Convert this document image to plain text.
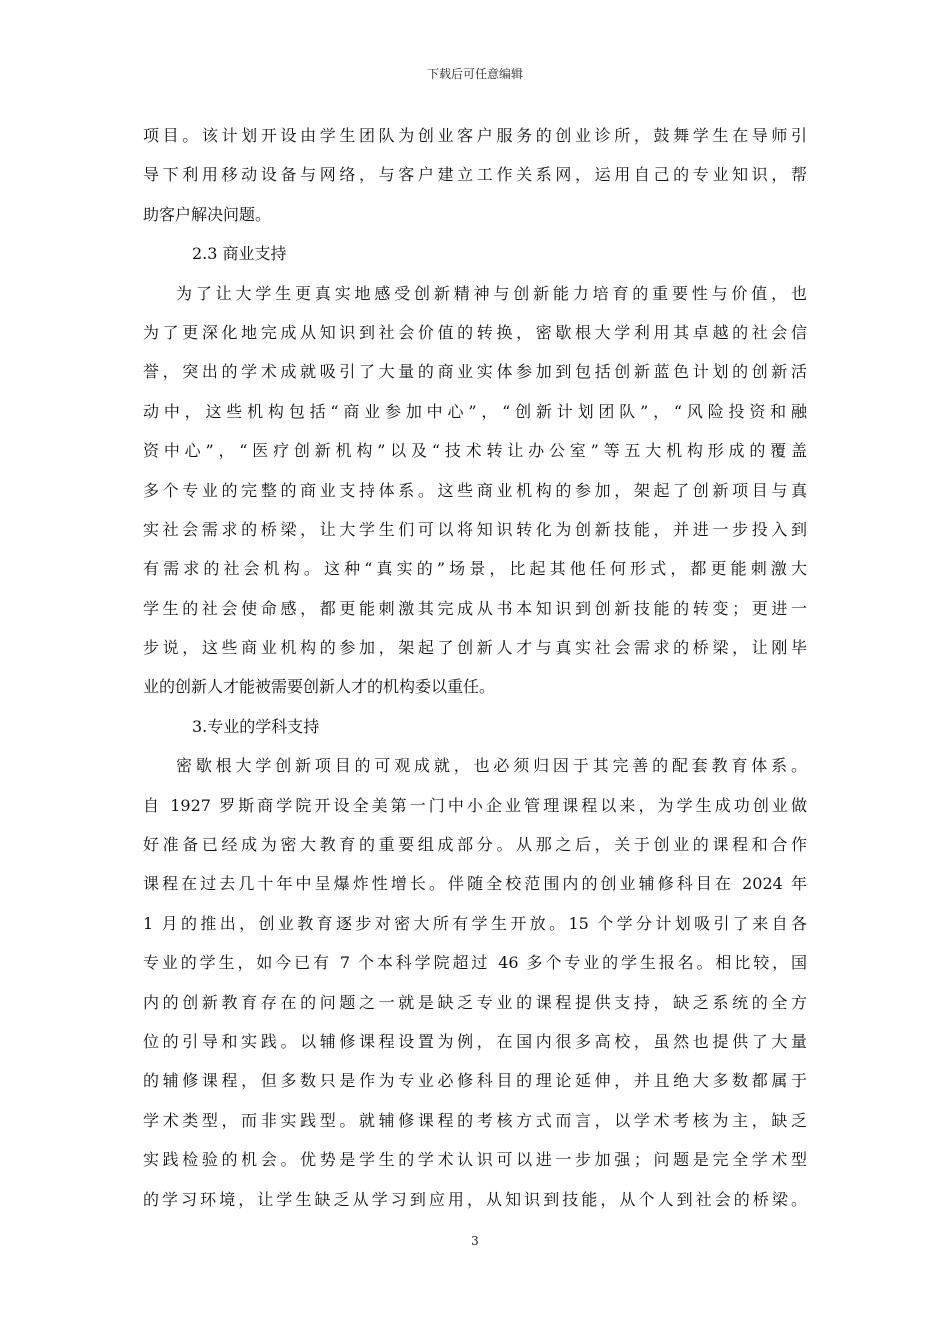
下载后可任意编辑
项目。该计划开设由学生团队为创业客户服务的创业诊所，鼓舞学生在导师引
导下利用移动设备与网络，与客户建立工作关系网，运用自己的专业知识，帮
助客户解决问题。
2.3 商业支持
为了让大学生更真实地感受创新精神与创新能力培育的重要性与价值，也
为了更深化地完成从知识到社会价值的转换，密歇根大学利用其卓越的社会信
誉，突出的学术成就吸引了大量的商业实体参加到包括创新蓝色计划的创新活
动中，这些机构包括“商业参加中心”，“创新计划团队”，“风险投资和融
资中心”，“医疗创新机构”以及“技术转让办公室”等五大机构形成的覆盖
多个专业的完整的商业支持体系。这些商业机构的参加，架起了创新项目与真
实社会需求的桥梁，让大学生们可以将知识转化为创新技能，并进一步投入到
有需求的社会机构。这种“真实的”场景，比起其他任何形式，都更能刺激大
学生的社会使命感，都更能刺激其完成从书本知识到创新技能的转变；更进一
步说，这些商业机构的参加，架起了创新人才与真实社会需求的桥梁，让刚毕
业的创新人才能被需要创新人才的机构委以重任。
3.专业的学科支持
密歇根大学创新项目的可观成就，也必须归因于其完善的配套教育体系。
自 1927 罗斯商学院开设全美第一门中小企业管理课程以来，为学生成功创业做
好准备已经成为密大教育的重要组成部分。从那之后，关于创业的课程和合作
课程在过去几十年中呈爆炸性增长。伴随全校范围内的创业辅修科目在 2024 年
1 月的推出，创业教育逐步对密大所有学生开放。15 个学分计划吸引了来自各
专业的学生，如今已有 7 个本科学院超过 46 多个专业的学生报名。相比较，国
内的创新教育存在的问题之一就是缺乏专业的课程提供支持，缺乏系统的全方
位的引导和实践。以辅修课程设置为例，在国内很多高校，虽然也提供了大量
的辅修课程，但多数只是作为专业必修科目的理论延伸，并且绝大多数都属于
学术类型，而非实践型。就辅修课程的考核方式而言，以学术考核为主，缺乏
实践检验的机会。优势是学生的学术认识可以进一步加强；问题是完全学术型
的学习环境，让学生缺乏从学习到应用，从知识到技能，从个人到社会的桥梁。
3
